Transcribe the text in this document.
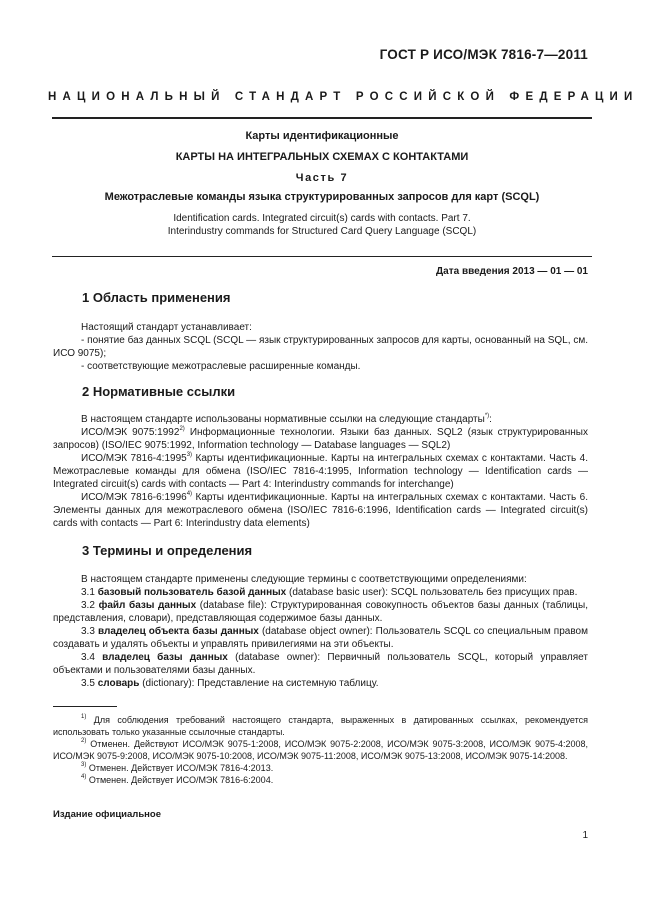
ГОСТ Р ИСО/МЭК 7816-7—2011
НАЦИОНАЛЬНЫЙ СТАНДАРТ РОССИЙСКОЙ ФЕДЕРАЦИИ
Карты идентификационные
КАРТЫ НА ИНТЕГРАЛЬНЫХ СХЕМАХ С КОНТАКТАМИ
Часть 7
Межотраслевые команды языка структурированных запросов для карт (SCQL)
Identification cards. Integrated circuit(s) cards with contacts. Part 7.
Interindustry commands for Structured Card Query Language (SCQL)
Дата введения 2013 — 01 — 01
1 Область применения

Настоящий стандарт устанавливает:

- понятие баз данных SCQL (SCQL — язык структурированных запросов для карты, основанный на SQL, см. ИСО 9075);

- соответствующие межотраслевые расширенные команды.

2 Нормативные ссылки

В настоящем стандарте использованы нормативные ссылки на следующие стандарты*):

ИСО/МЭК 9075:1992$^{2)}$ Информационные технологии. Языки баз данных. SQL2 (язык структурированных запросов) (ISO/IEC 9075:1992, Information technology — Database languages — SQL2)

ИСО/МЭК 7816-4:1995$^{3)}$ Карты идентификационные. Карты на интегральных схемах с контактами. Часть 4. Межотраслевые команды для обмена (ISO/IEC 7816-4:1995, Information technology — Identification cards — Integrated circuit(s) cards with contacts — Part 4: Interindustry commands for interchange)

ИСО/МЭК 7816-6:1996$^{4)}$ Карты идентификационные. Карты на интегральных схемах с контактами. Часть 6. Элементы данных для межотраслевого обмена (ISO/IEC 7816-6:1996, Identification cards — Integrated circuit(s) cards with contacts — Part 6: Interindustry data elements)

3 Термины и определения

В настоящем стандарте применены следующие термины с соответствующими определениями:

3.1 базовый пользователь базой данных (database basic user): SCQL пользователь без присущих прав.

3.2 файл базы данных (database file): Структурированная совокупность объектов базы данных (таблицы, представления, словари), представляющая содержимое базы данных.

3.3 владелец объекта базы данных (database object owner): Пользователь SCQL со специальным правом создавать и удалять объекты и управлять привилегиями на эти объекты.

3.4 владелец базы данных (database owner): Первичный пользователь SCQL, который управляет объектами и пользователями базы данных.

3.5 словарь (dictionary): Представление на системную таблицу.

$^{1)}$ Для соблюдения требований настоящего стандарта, выраженных в датированных ссылках, рекомендуется использовать только указанные ссылочные стандарты.

$^{2)}$ Отменен. Действуют ИСО/МЭК 9075-1:2008, ИСО/МЭК 9075-2:2008, ИСО/МЭК 9075-3:2008, ИСО/МЭК 9075-4:2008, ИСО/МЭК 9075-9:2008, ИСО/МЭК 9075-10:2008, ИСО/МЭК 9075-11:2008, ИСО/МЭК 9075-13:2008, ИСО/МЭК 9075-14:2008.

$^{3)}$ Отменен. Действует ИСО/МЭК 7816-4:2013.

$^{4)}$ Отменен. Действует ИСО/МЭК 7816-6:2004.

Издание официальное
1
